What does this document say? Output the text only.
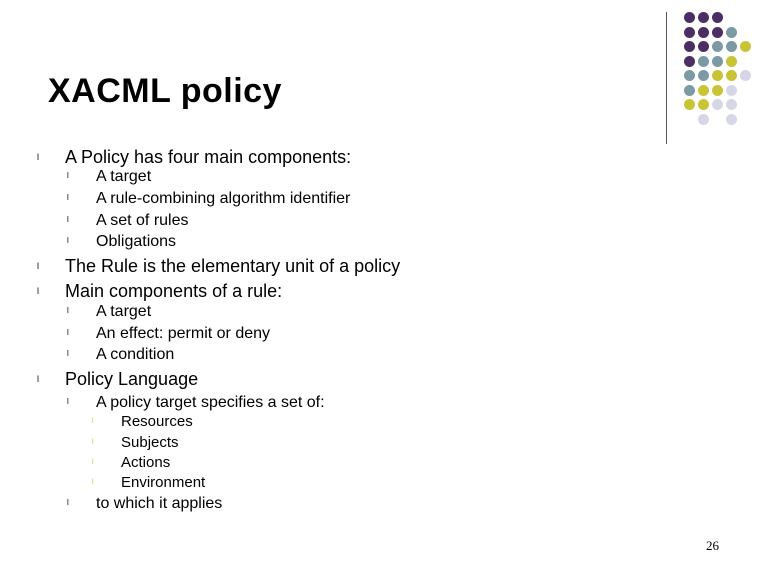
XACML policy
l A Policy has four main components:
l A target
l A rule-combining algorithm identifier
l A set of rules
l Obligations
l The Rule is the elementary unit of a policy
l Main components of a rule:
l A target
l An effect: permit or deny
l A condition
l Policy Language
l A policy target specifies a set of:
l Resources
l Subjects
l Actions
l Environment
l to which it applies
26
